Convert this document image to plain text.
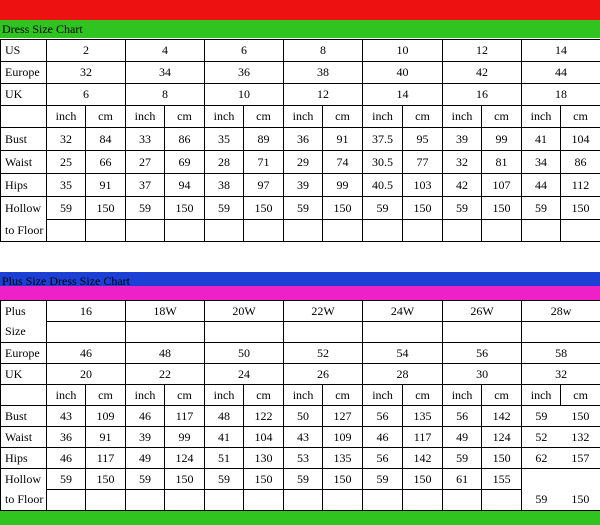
Dress Size Chart
US	2		4		6		8		10		12		14	
Eurоpe	32		34		36		38		40		42		44	
UK	6		8		10		12		14		16		18	
	inch	cm	inch	cm	inch	cm	inch	cm	inch	cm	inch	cm	inch	cm
Bust	32	84	33	86	35	89	36	91	37.5	95	39	99	41	104
Waist	25	66	27	69	28	71	29	74	30.5	77	32	81	34	86
Hips	35	91	37	94	38	97	39	99	40.5	103	42	107	44	112
Hollow	59	150	59	150	59	150	59	150	59	150	59	150	59	150
to Floor														
Plus Size Dress Size Chart
Plus	16		18W		20W		22W		24W		26W		28w	
Size														
Eurоpe	46		48		50		52		54		56		58	
UK	20		22		24		26		28		30		32	
	inch	cm	inch	cm	inch	cm	inch	cm	inch	cm	inch	cm	inch	cm
Bust	43	109	46	117	48	122	50	127	56	135	56	142	59	150
Waist	36	91	39	99	41	104	43	109	46	117	49	124	52	132
Hips	46	117	49	124	51	130	53	135	56	142	59	150	62	157
Hollow	59	150	59	150	59	150	59	150	59	150	61	155		
to Floor													59	150
